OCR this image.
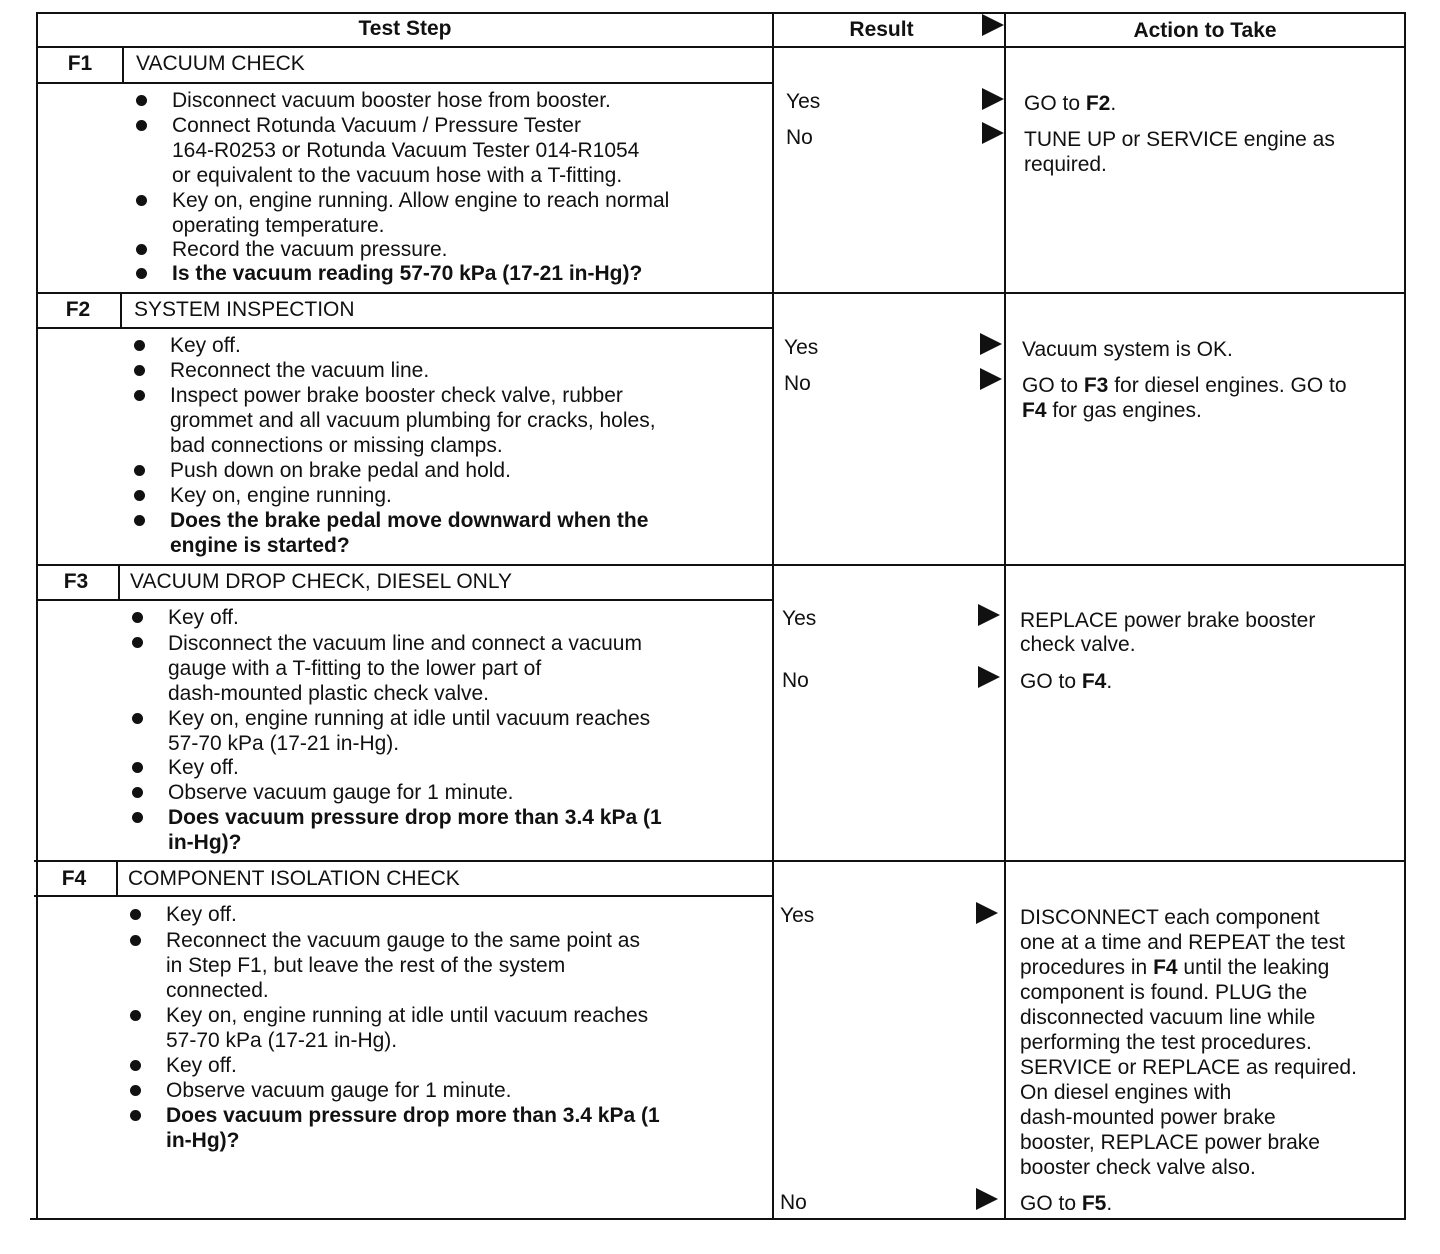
Test Step	Result	Action to Take
F1	VACUUM CHECK
Disconnect vacuum booster hose from booster.
Connect Rotunda Vacuum / Pressure Tester
164-R0253 or Rotunda Vacuum Tester 014-R1054
or equivalent to the vacuum hose with a T-fitting.
Key on, engine running. Allow engine to reach normal
operating temperature.
Record the vacuum pressure.
Is the vacuum reading 57-70 kPa (17-21 in-Hg)?
Yes	GO to F2.
No	TUNE UP or SERVICE engine as
required.
F2	SYSTEM INSPECTION
Key off.
Reconnect the vacuum line.
Inspect power brake booster check valve, rubber
grommet and all vacuum plumbing for cracks, holes,
bad connections or missing clamps.
Push down on brake pedal and hold.
Key on, engine running.
Does the brake pedal move downward when the
engine is started?
Yes	Vacuum system is OK.
No	GO to F3 for diesel engines. GO to
F4 for gas engines.
F3	VACUUM DROP CHECK, DIESEL ONLY
Key off.
Disconnect the vacuum line and connect a vacuum
gauge with a T-fitting to the lower part of
dash-mounted plastic check valve.
Key on, engine running at idle until vacuum reaches
57-70 kPa (17-21 in-Hg).
Key off.
Observe vacuum gauge for 1 minute.
Does vacuum pressure drop more than 3.4 kPa (1
in-Hg)?
Yes	REPLACE power brake booster
check valve.
No	GO to F4.
F4	COMPONENT ISOLATION CHECK
Key off.
Reconnect the vacuum gauge to the same point as
in Step F1, but leave the rest of the system
connected.
Key on, engine running at idle until vacuum reaches
57-70 kPa (17-21 in-Hg).
Key off.
Observe vacuum gauge for 1 minute.
Does vacuum pressure drop more than 3.4 kPa (1
in-Hg)?
Yes	DISCONNECT each component
one at a time and REPEAT the test
procedures in F4 until the leaking
component is found. PLUG the
disconnected vacuum line while
performing the test procedures.
SERVICE or REPLACE as required.
On diesel engines with
dash-mounted power brake
booster, REPLACE power brake
booster check valve also.
No	GO to F5.
